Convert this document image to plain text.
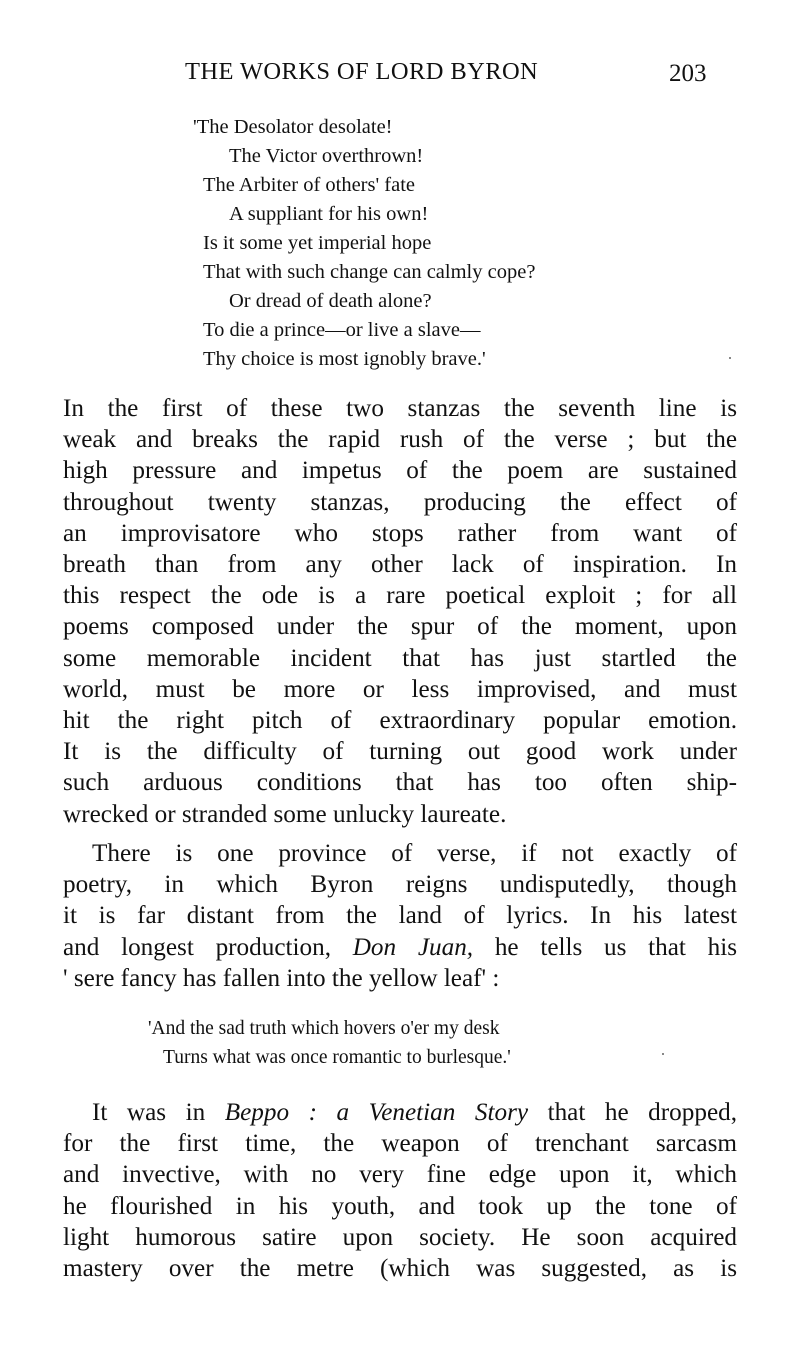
THE WORKS OF LORD BYRON	203
'The Desolator desolate!
The Victor overthrown!
The Arbiter of others' fate
A suppliant for his own!
Is it some yet imperial hope
That with such change can calmly cope?
Or dread of death alone?
To die a prince—or live a slave—
Thy choice is most ignobly brave.'
In the first of these two stanzas the seventh line is
weak and breaks the rapid rush of the verse ; but the
high pressure and impetus of the poem are sustained
throughout twenty stanzas, producing the effect of
an improvisatore who stops rather from want of
breath than from any other lack of inspiration. In
this respect the ode is a rare poetical exploit ; for all
poems composed under the spur of the moment, upon
some memorable incident that has just startled the
world, must be more or less improvised, and must
hit the right pitch of extraordinary popular emotion.
It is the difficulty of turning out good work under
such arduous conditions that has too often ship-
wrecked or stranded some unlucky laureate.
There is one province of verse, if not exactly of
poetry, in which Byron reigns undisputedly, though
it is far distant from the land of lyrics. In his latest
and longest production, Don Juan, he tells us that his
' sere fancy has fallen into the yellow leaf' :
'And the sad truth which hovers o'er my desk
Turns what was once romantic to burlesque.'
It was in Beppo : a Venetian Story that he dropped,
for the first time, the weapon of trenchant sarcasm
and invective, with no very fine edge upon it, which
he flourished in his youth, and took up the tone of
light humorous satire upon society. He soon acquired
mastery over the metre (which was suggested, as is
